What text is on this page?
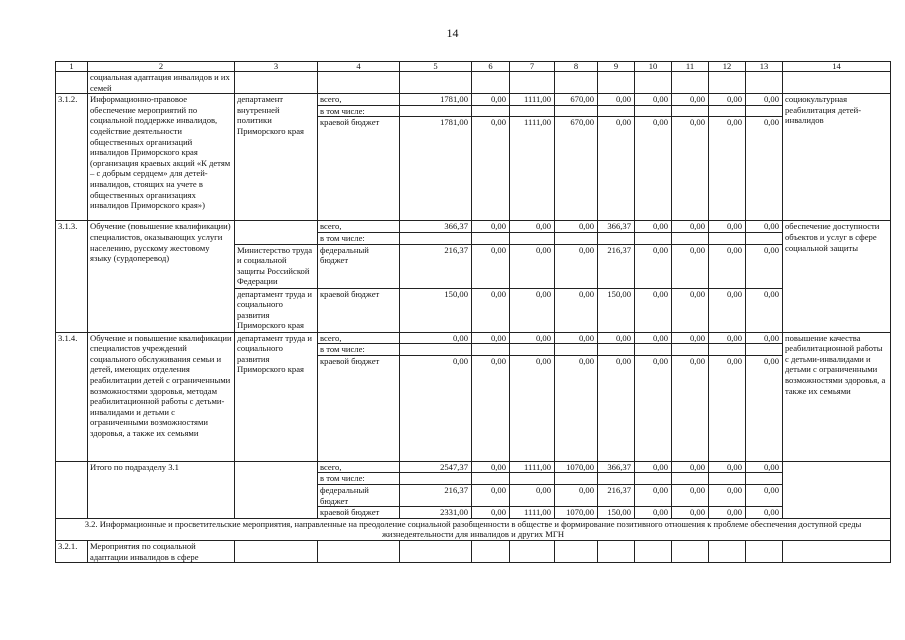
14
1	2	3	4	5	6	7	8	9	10	11	12	13	14
	социальная адаптация инвалидов и их семей												
3.1.2.	Информационно-правовое обеспечение мероприятий по социальной поддержке инвалидов, содействие деятельности общественных организаций инвалидов Приморского края (организация краевых акций «К детям – с добрым сердцем» для детей-инвалидов, стоящих на учете в общественных организациях инвалидов Приморского края»)	департамент внутренней политики Приморского края	всего,	1781,00	0,00	1111,00	670,00	0,00	0,00	0,00	0,00	0,00	социокультурная реабилитация детей-инвалидов
			в том числе:										
			краевой бюджет	1781,00	0,00	1111,00	670,00	0,00	0,00	0,00	0,00	0,00	
3.1.3.	Обучение (повышение квалификации) специалистов, оказывающих услуги населению, русскому жестовому языку (сурдоперевод)		всего,	366,37	0,00	0,00	0,00	366,37	0,00	0,00	0,00	0,00	обеспечение доступности объектов и услуг в сфере социальной защиты
			в том числе:										
		Министерство труда и социальной защиты Российской Федерации	федеральный бюджет	216,37	0,00	0,00	0,00	216,37	0,00	0,00	0,00	0,00	
		департамент труда и социального развития Приморского края	краевой бюджет	150,00	0,00	0,00	0,00	150,00	0,00	0,00	0,00	0,00	
3.1.4.	Обучение и повышение квалификации специалистов учреждений социального обслуживания семьи и детей, имеющих отделения реабилитации детей с ограниченными возможностями здоровья, методам реабилитационной работы с детьми-инвалидами и детьми с ограниченными возможностями здоровья, а также их семьями	департамент труда и социального развития Приморского края	всего,	0,00	0,00	0,00	0,00	0,00	0,00	0,00	0,00	0,00	повышение качества реабилитационной работы с детьми-инвалидами и детьми с ограниченными возможностями здоровья, а также их семьями
			в том числе:										
			краевой бюджет	0,00	0,00	0,00	0,00	0,00	0,00	0,00	0,00	0,00	
	Итого по подразделу 3.1		всего,	2547,37	0,00	1111,00	1070,00	366,37	0,00	0,00	0,00	0,00	
			в том числе:										
			федеральный бюджет	216,37	0,00	0,00	0,00	216,37	0,00	0,00	0,00	0,00	
			краевой бюджет	2331,00	0,00	1111,00	1070,00	150,00	0,00	0,00	0,00	0,00	
3.2. Информационные и просветительские мероприятия, направленные на преодоление социальной разобщенности в обществе и формирование позитивного отношения к проблеме обеспечения доступной среды жизнедеятельности для инвалидов и других МГН													
3.2.1.	Мероприятия по социальной адаптации инвалидов в сфере												
